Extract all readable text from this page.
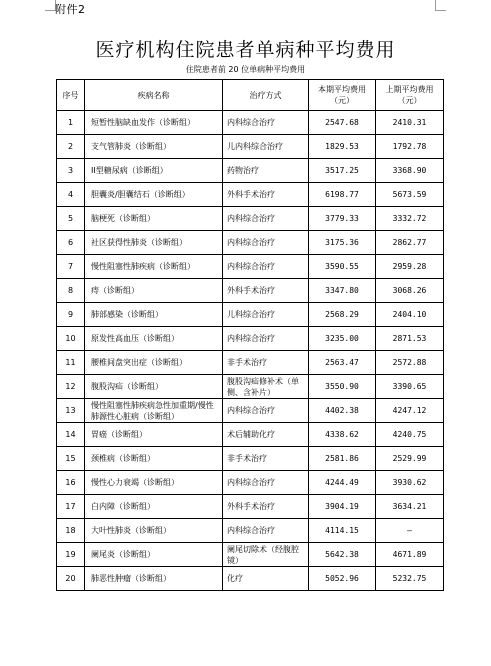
附件2
医疗机构住院患者单病种平均费用
住院患者前 20 位单病种平均费用
序号	疾病名称	治疗方式	本期平均费用（元）	上期平均费用（元）
1	短暂性脑缺血发作（诊断组）	内科综合治疗	2547.68	2410.31
2	支气管肺炎（诊断组）	儿内科综合治疗	1829.53	1792.78
3	II型糖尿病（诊断组）	药物治疗	3517.25	3368.90
4	胆囊炎/胆囊结石（诊断组）	外科手术治疗	6198.77	5673.59
5	脑梗死（诊断组）	内科综合治疗	3779.33	3332.72
6	社区获得性肺炎（诊断组）	内科综合治疗	3175.36	2862.77
7	慢性阻塞性肺疾病（诊断组）	内科综合治疗	3590.55	2959.28
8	痔（诊断组）	外科手术治疗	3347.80	3068.26
9	肺部感染（诊断组）	儿科综合治疗	2568.29	2404.10
10	原发性高血压（诊断组）	内科综合治疗	3235.00	2871.53
11	腰椎间盘突出症（诊断组）	非手术治疗	2563.47	2572.88
12	腹股沟疝（诊断组）	腹股沟疝修补术（单侧、含补片）	3550.90	3390.65
13	慢性阻塞性肺疾病急性加重期/慢性肺源性心脏病（诊断组）	内科综合治疗	4402.38	4247.12
14	胃癌（诊断组）	术后辅助化疗	4338.62	4240.75
15	颈椎病（诊断组）	非手术治疗	2581.86	2529.99
16	慢性心力衰竭（诊断组）	内科综合治疗	4244.49	3930.62
17	白内障（诊断组）	外科手术治疗	3904.19	3634.21
18	大叶性肺炎（诊断组）	内科综合治疗	4114.15	—
19	阑尾炎（诊断组）	阑尾切除术（经腹腔镜）	5642.38	4671.89
20	肺恶性肿瘤（诊断组）	化疗	5052.96	5232.75
